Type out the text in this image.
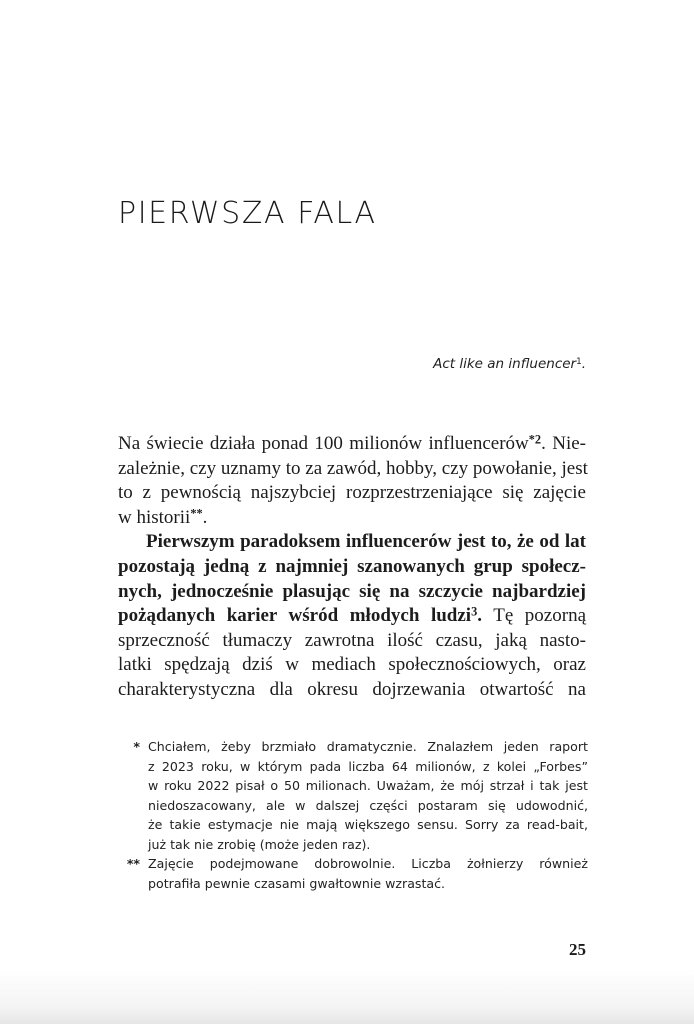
PIERWSZA FALA
Act like an influencer$^1$.
Na świecie działa ponad 100 milionów influencerów$^{*2}$. Nie-
zależnie, czy uznamy to za zawód, hobby, czy powołanie, jest
to z pewnością najszybciej rozprzestrzeniające się zajęcie
w historii**.
Pierwszym paradoksem influencerów jest to, że od lat
pozostają jedną z najmniej szanowanych grup społecz-
nych, jednocześnie plasując się na szczycie najbardziej
pożądanych karier wśród młodych ludzi$^3$. Tę pozorną
sprzeczność tłumaczy zawrotna ilość czasu, jaką nasto-
latki spędzają dziś w mediach społecznościowych, oraz
charakterystyczna dla okresu dojrzewania otwartość na
* Chciałem, żeby brzmiało dramatycznie. Znalazłem jeden raport
z 2023 roku, w którym pada liczba 64 milionów, z kolei „Forbes”
w roku 2022 pisał o 50 milionach. Uważam, że mój strzał i tak jest
niedoszacowany, ale w dalszej części postaram się udowodnić,
że takie estymacje nie mają większego sensu. Sorry za read-bait,
już tak nie zrobię (może jeden raz).
** Zajęcie podejmowane dobrowolnie. Liczba żołnierzy również
potrafiła pewnie czasami gwałtownie wzrastać.
25
